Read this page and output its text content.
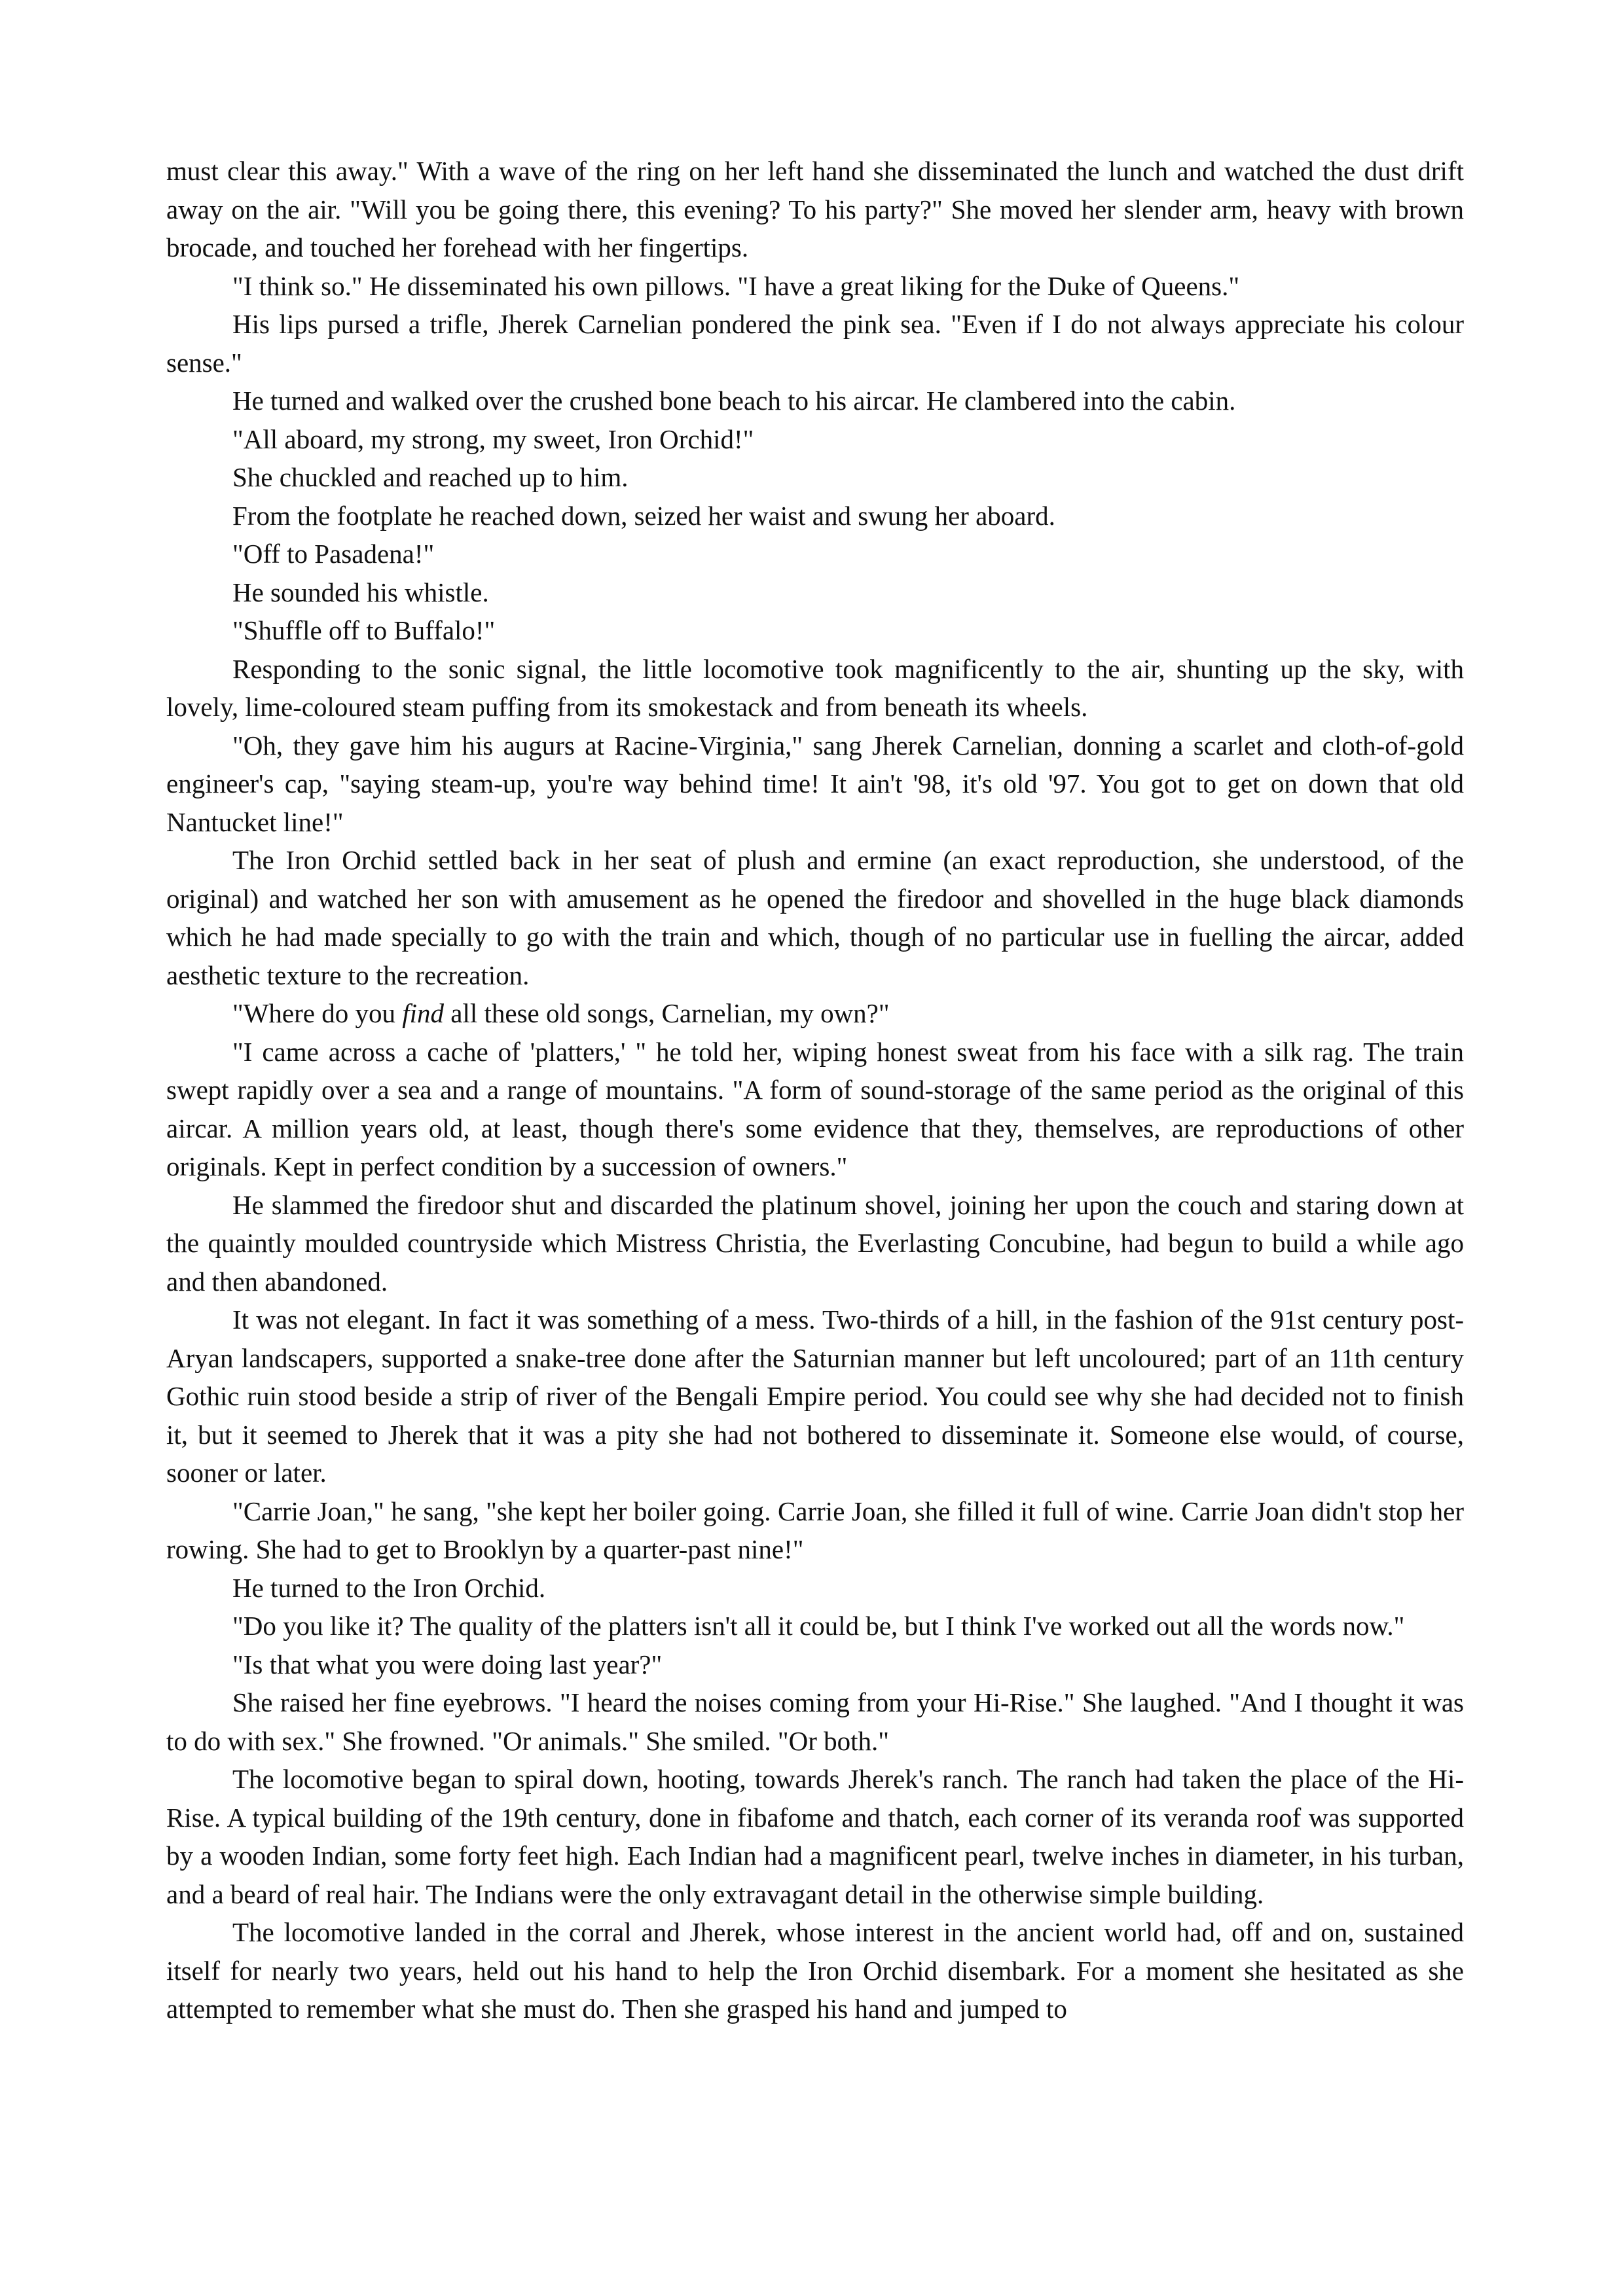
must clear this away." With a wave of the ring on her left hand she disseminated the lunch and watched the dust drift away on the air. "Will you be going there, this evening? To his party?" She moved her slender arm, heavy with brown brocade, and touched her forehead with her fingertips.

"I think so." He disseminated his own pillows. "I have a great liking for the Duke of Queens."

His lips pursed a trifle, Jherek Carnelian pondered the pink sea. "Even if I do not always appreciate his colour sense."

He turned and walked over the crushed bone beach to his aircar. He clambered into the cabin.

"All aboard, my strong, my sweet, Iron Orchid!"

She chuckled and reached up to him.

From the footplate he reached down, seized her waist and swung her aboard.

"Off to Pasadena!"

He sounded his whistle.

"Shuffle off to Buffalo!"

Responding to the sonic signal, the little locomotive took magnificently to the air, shunting up the sky, with lovely, lime-coloured steam puffing from its smokestack and from beneath its wheels.

"Oh, they gave him his augurs at Racine-Virginia," sang Jherek Carnelian, donning a scarlet and cloth-of-gold engineer's cap, "saying steam-up, you're way behind time! It ain't '98, it's old '97. You got to get on down that old Nantucket line!"

The Iron Orchid settled back in her seat of plush and ermine (an exact reproduction, she understood, of the original) and watched her son with amusement as he opened the firedoor and shovelled in the huge black diamonds which he had made specially to go with the train and which, though of no particular use in fuelling the aircar, added aesthetic texture to the recreation.

"Where do you find all these old songs, Carnelian, my own?"

"I came across a cache of 'platters,' " he told her, wiping honest sweat from his face with a silk rag. The train swept rapidly over a sea and a range of mountains. "A form of sound-storage of the same period as the original of this aircar. A million years old, at least, though there's some evidence that they, themselves, are reproductions of other originals. Kept in perfect condition by a succession of owners."

He slammed the firedoor shut and discarded the platinum shovel, joining her upon the couch and staring down at the quaintly moulded countryside which Mistress Christia, the Everlasting Concubine, had begun to build a while ago and then abandoned.

It was not elegant. In fact it was something of a mess. Two-thirds of a hill, in the fashion of the 91st century post-Aryan landscapers, supported a snake-tree done after the Saturnian manner but left uncoloured; part of an 11th century Gothic ruin stood beside a strip of river of the Bengali Empire period. You could see why she had decided not to finish it, but it seemed to Jherek that it was a pity she had not bothered to disseminate it. Someone else would, of course, sooner or later.

"Carrie Joan," he sang, "she kept her boiler going. Carrie Joan, she filled it full of wine. Carrie Joan didn't stop her rowing. She had to get to Brooklyn by a quarter-past nine!"

He turned to the Iron Orchid.

"Do you like it? The quality of the platters isn't all it could be, but I think I've worked out all the words now."

"Is that what you were doing last year?"

She raised her fine eyebrows. "I heard the noises coming from your Hi-Rise." She laughed. "And I thought it was to do with sex." She frowned. "Or animals." She smiled. "Or both."

The locomotive began to spiral down, hooting, towards Jherek's ranch. The ranch had taken the place of the Hi-Rise. A typical building of the 19th century, done in fibafome and thatch, each corner of its veranda roof was supported by a wooden Indian, some forty feet high. Each Indian had a magnificent pearl, twelve inches in diameter, in his turban, and a beard of real hair. The Indians were the only extravagant detail in the otherwise simple building.

The locomotive landed in the corral and Jherek, whose interest in the ancient world had, off and on, sustained itself for nearly two years, held out his hand to help the Iron Orchid disembark. For a moment she hesitated as she attempted to remember what she must do. Then she grasped his hand and jumped to
